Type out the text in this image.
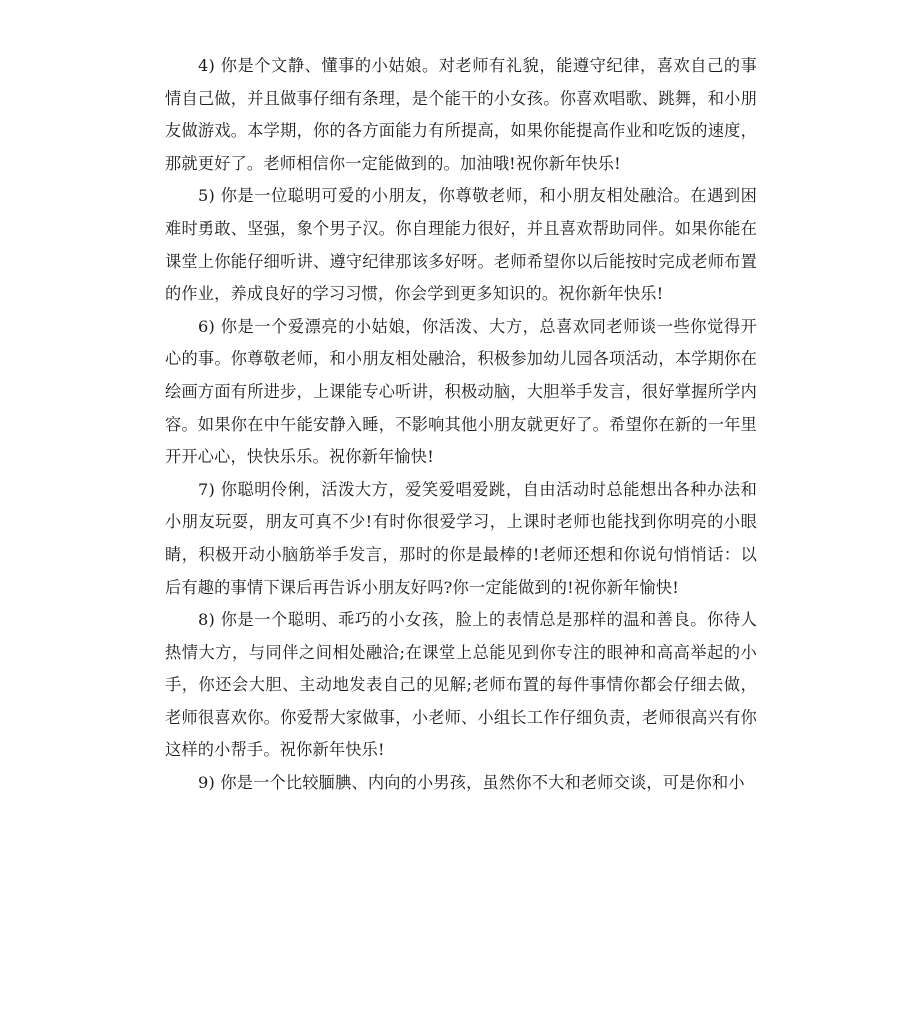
4) 你是个文静、懂事的小姑娘。对老师有礼貌，能遵守纪律，喜欢自己的事情自己做，并且做事仔细有条理，是个能干的小女孩。你喜欢唱歌、跳舞，和小朋友做游戏。本学期，你的各方面能力有所提高，如果你能提高作业和吃饭的速度，那就更好了。老师相信你一定能做到的。加油哦!祝你新年快乐!

5) 你是一位聪明可爱的小朋友，你尊敬老师，和小朋友相处融洽。在遇到困难时勇敢、坚强，象个男子汉。你自理能力很好，并且喜欢帮助同伴。如果你能在课堂上你能仔细听讲、遵守纪律那该多好呀。老师希望你以后能按时完成老师布置的作业，养成良好的学习习惯，你会学到更多知识的。祝你新年快乐!

6) 你是一个爱漂亮的小姑娘，你活泼、大方，总喜欢同老师谈一些你觉得开心的事。你尊敬老师，和小朋友相处融洽，积极参加幼儿园各项活动，本学期你在绘画方面有所进步，上课能专心听讲，积极动脑，大胆举手发言，很好掌握所学内容。如果你在中午能安静入睡，不影响其他小朋友就更好了。希望你在新的一年里开开心心，快快乐乐。祝你新年愉快!

7) 你聪明伶俐，活泼大方，爱笑爱唱爱跳，自由活动时总能想出各种办法和小朋友玩耍，朋友可真不少!有时你很爱学习，上课时老师也能找到你明亮的小眼睛，积极开动小脑筋举手发言，那时的你是最棒的!老师还想和你说句悄悄话：以后有趣的事情下课后再告诉小朋友好吗?你一定能做到的!祝你新年愉快!

8) 你是一个聪明、乖巧的小女孩，脸上的表情总是那样的温和善良。你待人热情大方，与同伴之间相处融洽;在课堂上总能见到你专注的眼神和高高举起的小手，你还会大胆、主动地发表自己的见解;老师布置的每件事情你都会仔细去做，老师很喜欢你。你爱帮大家做事，小老师、小组长工作仔细负责，老师很高兴有你这样的小帮手。祝你新年快乐!

9) 你是一个比较腼腆、内向的小男孩，虽然你不大和老师交谈，可是你和小
